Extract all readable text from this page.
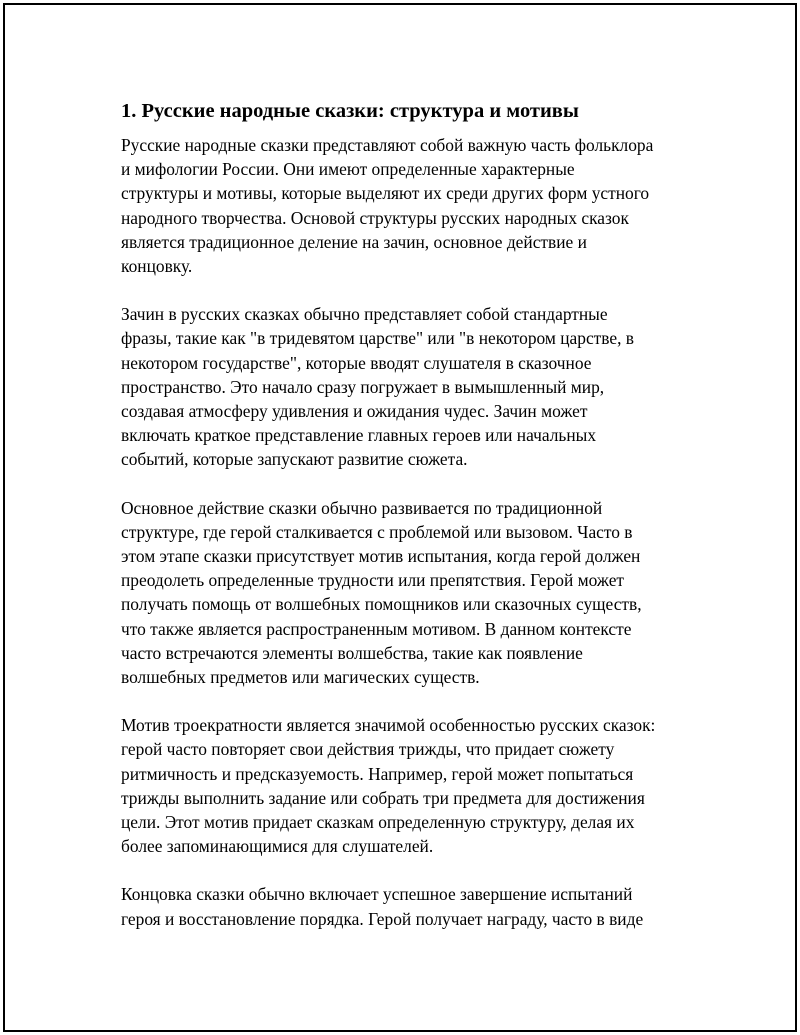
1. Русские народные сказки: структура и мотивы

Русские народные сказки представляют собой важную часть фольклора
и мифологии России. Они имеют определенные характерные
структуры и мотивы, которые выделяют их среди других форм устного
народного творчества. Основой структуры русских народных сказок
является традиционное деление на зачин, основное действие и
концовку.

Зачин в русских сказках обычно представляет собой стандартные
фразы, такие как "в тридевятом царстве" или "в некотором царстве, в
некотором государстве", которые вводят слушателя в сказочное
пространство. Это начало сразу погружает в вымышленный мир,
создавая атмосферу удивления и ожидания чудес. Зачин может
включать краткое представление главных героев или начальных
событий, которые запускают развитие сюжета.

Основное действие сказки обычно развивается по традиционной
структуре, где герой сталкивается с проблемой или вызовом. Часто в
этом этапе сказки присутствует мотив испытания, когда герой должен
преодолеть определенные трудности или препятствия. Герой может
получать помощь от волшебных помощников или сказочных существ,
что также является распространенным мотивом. В данном контексте
часто встречаются элементы волшебства, такие как появление
волшебных предметов или магических существ.

Мотив троекратности является значимой особенностью русских сказок:
герой часто повторяет свои действия трижды, что придает сюжету
ритмичность и предсказуемость. Например, герой может попытаться
трижды выполнить задание или собрать три предмета для достижения
цели. Этот мотив придает сказкам определенную структуру, делая их
более запоминающимися для слушателей.

Концовка сказки обычно включает успешное завершение испытаний
героя и восстановление порядка. Герой получает награду, часто в виде
